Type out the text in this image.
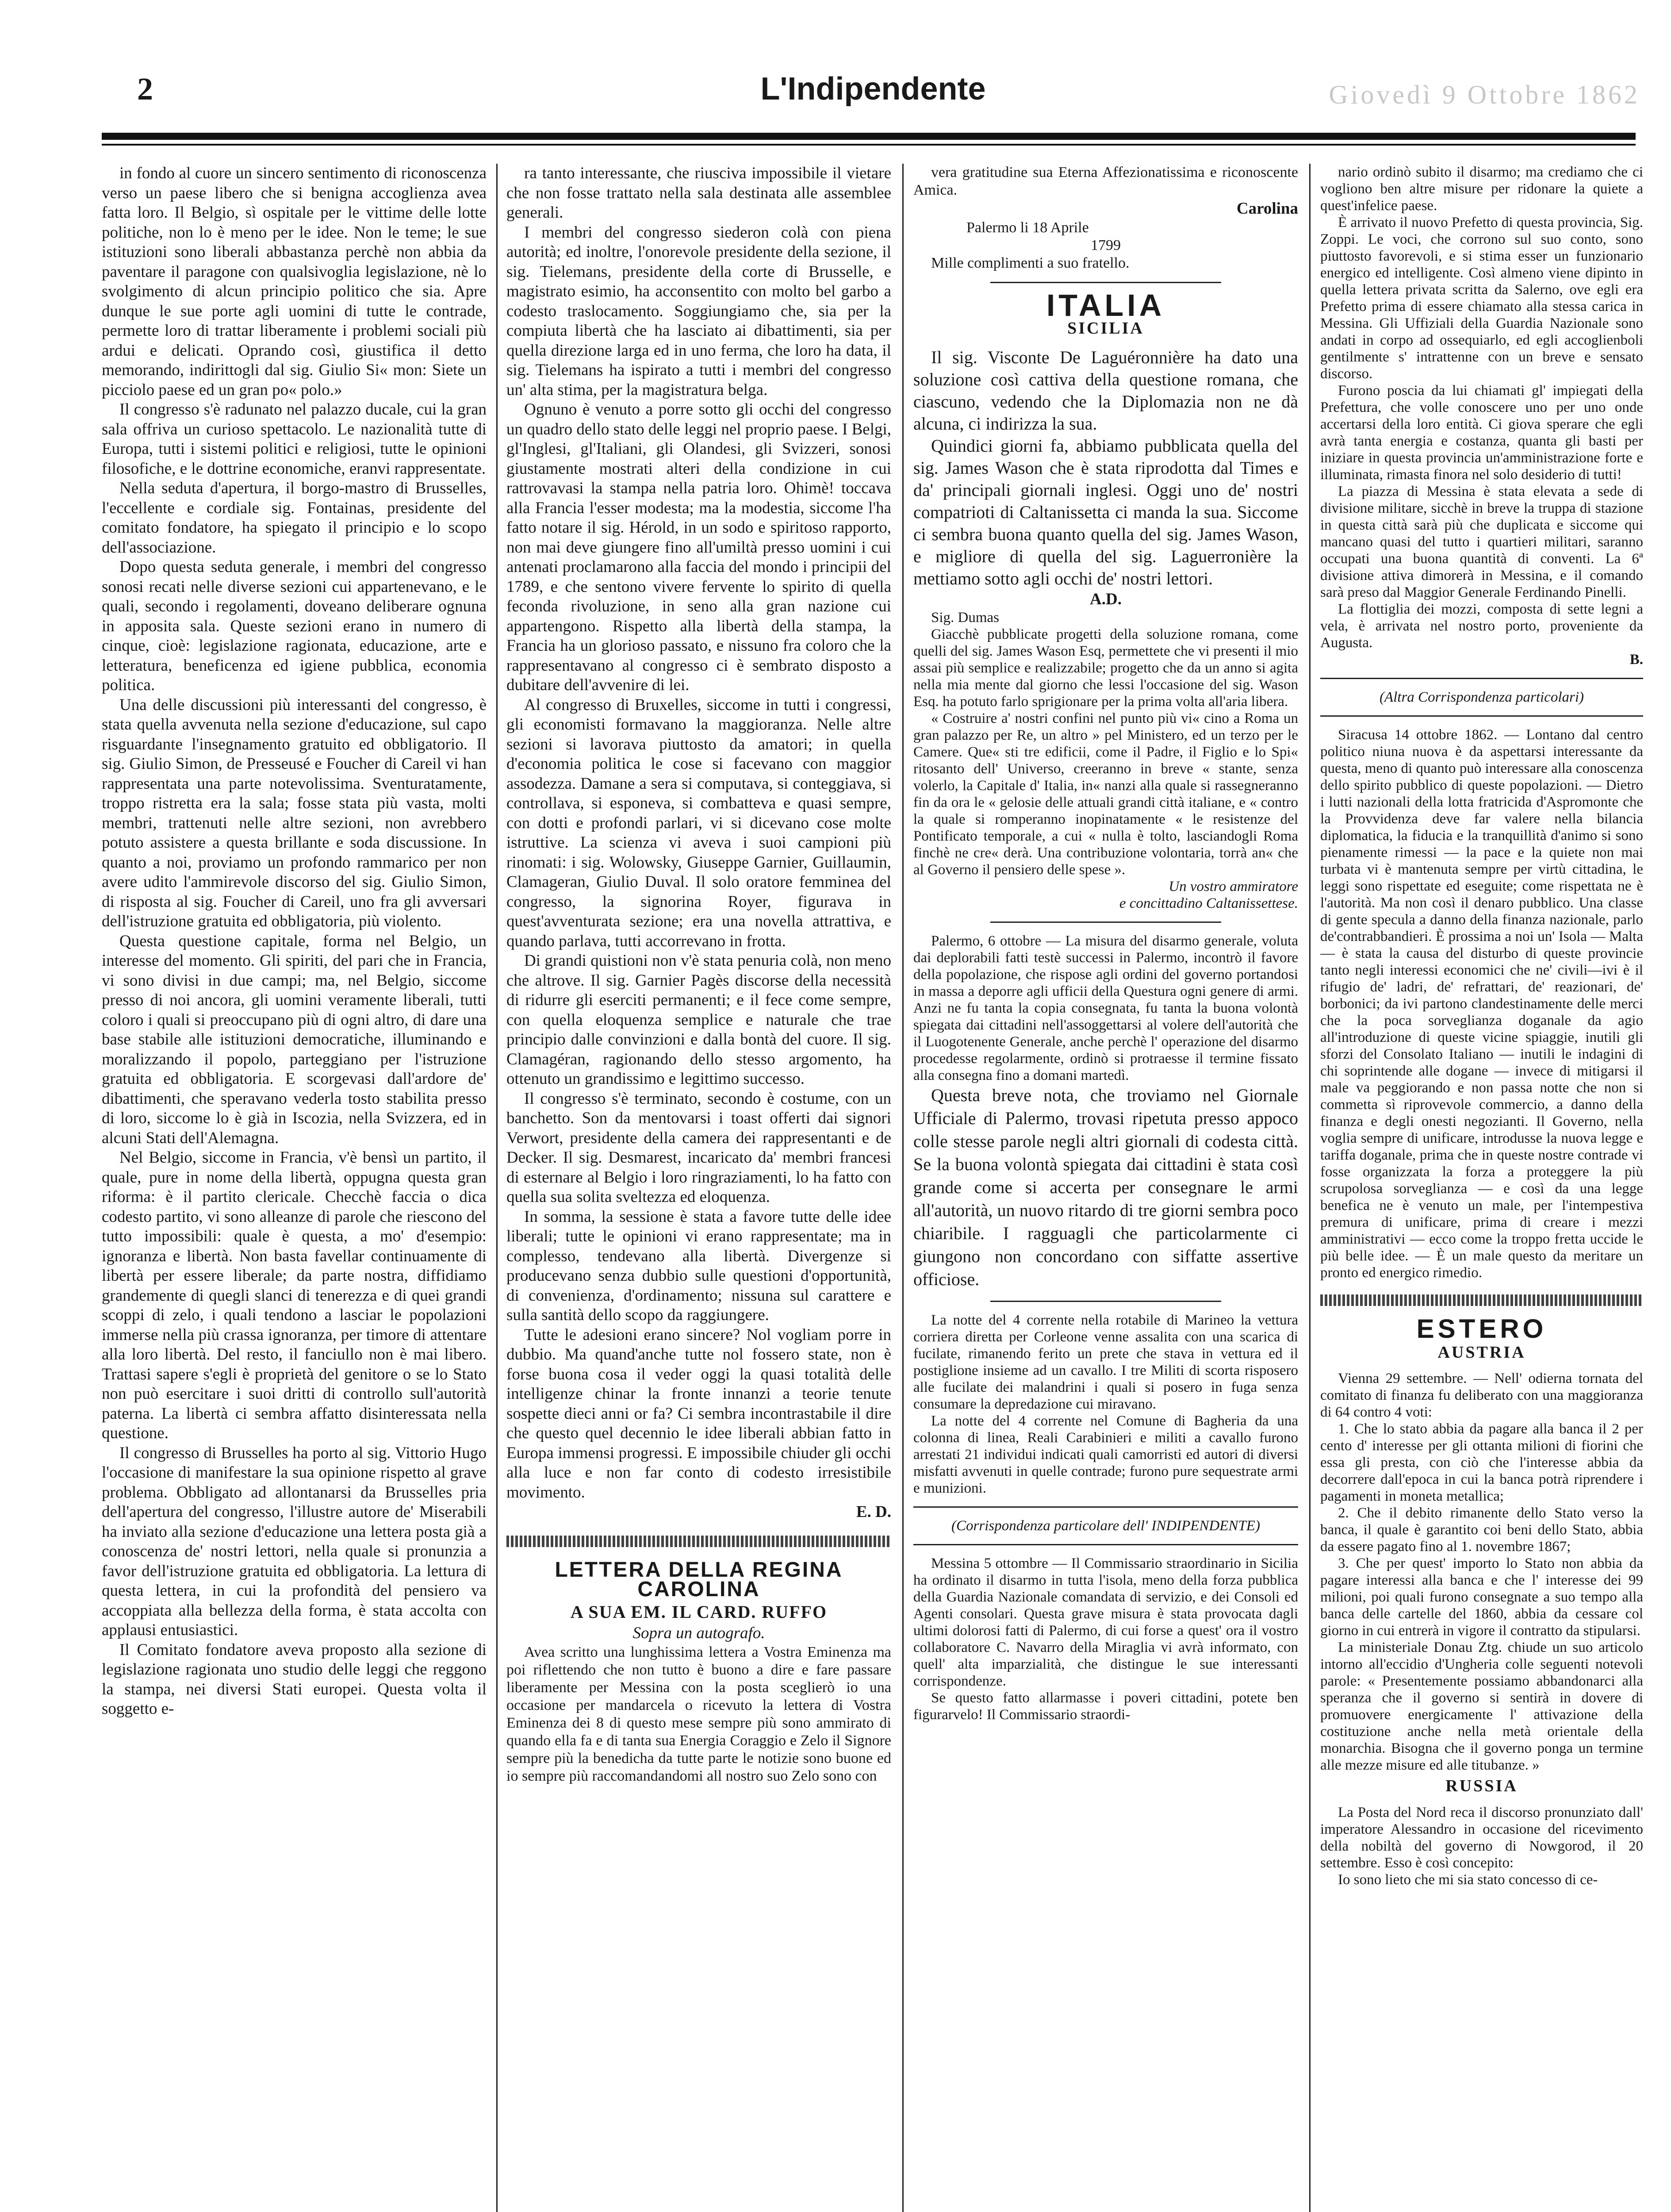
2	L'Indipendente	Giovedì 9 Ottobre 1862

in fondo al cuore un sincero sentimento di riconoscenza verso un paese libero che si benigna accoglienza avea fatta loro. Il Belgio, sì ospitale per le vittime delle lotte politiche, non lo è meno per le idee. Non le teme; le sue istituzioni sono liberali abbastanza perchè non abbia da paventare il paragone con qualsivoglia legislazione, nè lo svolgimento di alcun principio politico che sia. Apre dunque le sue porte agli uomini di tutte le contrade, permette loro di trattar liberamente i problemi sociali più ardui e delicati. Oprando così, giustifica il detto memorando, indirittogli dal sig. Giulio Si« mon: Siete un picciolo paese ed un gran po« polo.»

Il congresso s'è radunato nel palazzo ducale, cui la gran sala offriva un curioso spettacolo. Le nazionalità tutte di Europa, tutti i sistemi politici e religiosi, tutte le opinioni filosofiche, e le dottrine economiche, eranvi rappresentate.

Nella seduta d'apertura, il borgo-mastro di Brusselles, l'eccellente e cordiale sig. Fontainas, presidente del comitato fondatore, ha spiegato il principio e lo scopo dell'associazione.

Dopo questa seduta generale, i membri del congresso sonosi recati nelle diverse sezioni cui appartenevano, e le quali, secondo i regolamenti, doveano deliberare ognuna in apposita sala. Queste sezioni erano in numero di cinque, cioè: legislazione ragionata, educazione, arte e letteratura, beneficenza ed igiene pubblica, economia politica.

Una delle discussioni più interessanti del congresso, è stata quella avvenuta nella sezione d'educazione, sul capo risguardante l'insegnamento gratuito ed obbligatorio. Il sig. Giulio Simon, de Presseusé e Foucher di Careil vi han rappresentata una parte notevolissima. Sventuratamente, troppo ristretta era la sala; fosse stata più vasta, molti membri, trattenuti nelle altre sezioni, non avrebbero potuto assistere a questa brillante e soda discussione. In quanto a noi, proviamo un profondo rammarico per non avere udito l'ammirevole discorso del sig. Giulio Simon, di risposta al sig. Foucher di Careil, uno fra gli avversari dell'istruzione gratuita ed obbligatoria, più violento.

Questa questione capitale, forma nel Belgio, un interesse del momento. Gli spiriti, del pari che in Francia, vi sono divisi in due campi; ma, nel Belgio, siccome presso di noi ancora, gli uomini veramente liberali, tutti coloro i quali si preoccupano più di ogni altro, di dare una base stabile alle istituzioni democratiche, illuminando e moralizzando il popolo, parteggiano per l'istruzione gratuita ed obbligatoria. E scorgevasi dall'ardore de' dibattimenti, che speravano vederla tosto stabilita presso di loro, siccome lo è già in Iscozia, nella Svizzera, ed in alcuni Stati dell'Alemagna.

Nel Belgio, siccome in Francia, v'è bensì un partito, il quale, pure in nome della libertà, oppugna questa gran riforma: è il partito clericale. Checchè faccia o dica codesto partito, vi sono alleanze di parole che riescono del tutto impossibili: quale è questa, a mo' d'esempio: ignoranza e libertà. Non basta favellar continuamente di libertà per essere liberale; da parte nostra, diffidiamo grandemente di quegli slanci di tenerezza e di quei grandi scoppi di zelo, i quali tendono a lasciar le popolazioni immerse nella più crassa ignoranza, per timore di attentare alla loro libertà. Del resto, il fanciullo non è mai libero. Trattasi sapere s'egli è proprietà del genitore o se lo Stato non può esercitare i suoi dritti di controllo sull'autorità paterna. La libertà ci sembra affatto disinteressata nella questione.

Il congresso di Brusselles ha porto al sig. Vittorio Hugo l'occasione di manifestare la sua opinione rispetto al grave problema. Obbligato ad allontanarsi da Brusselles pria dell'apertura del congresso, l'illustre autore de' Miserabili ha inviato alla sezione d'educazione una lettera posta già a conoscenza de' nostri lettori, nella quale si pronunzia a favor dell'istruzione gratuita ed obbligatoria. La lettura di questa lettera, in cui la profondità del pensiero va accoppiata alla bellezza della forma, è stata accolta con applausi entusiastici.

Il Comitato fondatore aveva proposto alla sezione di legislazione ragionata uno studio delle leggi che reggono la stampa, nei diversi Stati europei. Questa volta il soggetto e-

ra tanto interessante, che riusciva impossibile il vietare che non fosse trattato nella sala destinata alle assemblee generali.

I membri del congresso siederon colà con piena autorità; ed inoltre, l'onorevole presidente della sezione, il sig. Tielemans, presidente della corte di Brusselle, e magistrato esimio, ha acconsentito con molto bel garbo a codesto traslocamento. Soggiungiamo che, sia per la compiuta libertà che ha lasciato ai dibattimenti, sia per quella direzione larga ed in uno ferma, che loro ha data, il sig. Tielemans ha ispirato a tutti i membri del congresso un' alta stima, per la magistratura belga.

Ognuno è venuto a porre sotto gli occhi del congresso un quadro dello stato delle leggi nel proprio paese. I Belgi, gl'Inglesi, gl'Italiani, gli Olandesi, gli Svizzeri, sonosi giustamente mostrati alteri della condizione in cui rattrovavasi la stampa nella patria loro. Ohimè! toccava alla Francia l'esser modesta; ma la modestia, siccome l'ha fatto notare il sig. Hérold, in un sodo e spiritoso rapporto, non mai deve giungere fino all'umiltà presso uomini i cui antenati proclamarono alla faccia del mondo i principii del 1789, e che sentono vivere fervente lo spirito di quella feconda rivoluzione, in seno alla gran nazione cui appartengono. Rispetto alla libertà della stampa, la Francia ha un glorioso passato, e nissuno fra coloro che la rappresentavano al congresso ci è sembrato disposto a dubitare dell'avvenire di lei.

Al congresso di Bruxelles, siccome in tutti i congressi, gli economisti formavano la maggioranza. Nelle altre sezioni si lavorava piuttosto da amatori; in quella d'economia politica le cose si facevano con maggior assodezza. Damane a sera si computava, si conteggiava, si controllava, si esponeva, si combatteva e quasi sempre, con dotti e profondi parlari, vi si dicevano cose molte istruttive. La scienza vi aveva i suoi campioni più rinomati: i sig. Wolowsky, Giuseppe Garnier, Guillaumin, Clamageran, Giulio Duval. Il solo oratore femminea del congresso, la signorina Royer, figurava in quest'avventurata sezione; era una novella attrattiva, e quando parlava, tutti accorrevano in frotta.

Di grandi quistioni non v'è stata penuria colà, non meno che altrove. Il sig. Garnier Pagès discorse della necessità di ridurre gli eserciti permanenti; e il fece come sempre, con quella eloquenza semplice e naturale che trae principio dalle convinzioni e dalla bontà del cuore. Il sig. Clamagéran, ragionando dello stesso argomento, ha ottenuto un grandissimo e legittimo successo.

Il congresso s'è terminato, secondo è costume, con un banchetto. Son da mentovarsi i toast offerti dai signori Verwort, presidente della camera dei rappresentanti e de Decker. Il sig. Desmarest, incaricato da' membri francesi di esternare al Belgio i loro ringraziamenti, lo ha fatto con quella sua solita sveltezza ed eloquenza.

In somma, la sessione è stata a favore tutte delle idee liberali; tutte le opinioni vi erano rappresentate; ma in complesso, tendevano alla libertà. Divergenze si producevano senza dubbio sulle questioni d'opportunità, di convenienza, d'ordinamento; nissuna sul carattere e sulla santità dello scopo da raggiungere.

Tutte le adesioni erano sincere? Nol vogliam porre in dubbio. Ma quand'anche tutte nol fossero state, non è forse buona cosa il veder oggi la quasi totalità delle intelligenze chinar la fronte innanzi a teorie tenute sospette dieci anni or fa? Ci sembra incontrastabile il dire che questo quel decennio le idee liberali abbian fatto in Europa immensi progressi. E impossibile chiuder gli occhi alla luce e non far conto di codesto irresistibile movimento.

E. D.

LETTERA DELLA REGINA CAROLINA
A SUA EM. IL CARD. RUFFO

Sopra un autografo.

Avea scritto una lunghissima lettera a Vostra Eminenza ma poi riflettendo che non tutto è buono a dire e fare passare liberamente per Messina con la posta sceglierò io una occasione per mandarcela o ricevuto la lettera di Vostra Eminenza dei 8 di questo mese sempre più sono ammirato di quando ella fa e di tanta sua Energia Coraggio e Zelo il Signore sempre più la benedicha da tutte parte le notizie sono buone ed io sempre più raccomandandomi all nostro suo Zelo sono con

vera gratitudine sua Eterna Affezionatissima e riconoscente Amica.

Carolina

Palermo li 18 Aprile

1799

Mille complimenti a suo fratello.

ITALIA
SICILIA

Il sig. Visconte De Laguéronnière ha dato una soluzione così cattiva della questione romana, che ciascuno, vedendo che la Diplomazia non ne dà alcuna, ci indirizza la sua.

Quindici giorni fa, abbiamo pubblicata quella del sig. James Wason che è stata riprodotta dal Times e da' principali giornali inglesi. Oggi uno de' nostri compatrioti di Caltanissetta ci manda la sua. Siccome ci sembra buona quanto quella del sig. James Wason, e migliore di quella del sig. Laguerronière la mettiamo sotto agli occhi de' nostri lettori.

A.D.

Sig. Dumas

Giacchè pubblicate progetti della soluzione romana, come quelli del sig. James Wason Esq, permettete che vi presenti il mio assai più semplice e realizzabile; progetto che da un anno si agita nella mia mente dal giorno che lessi l'occasione del sig. Wason Esq. ha potuto farlo sprigionare per la prima volta all'aria libera.

« Costruire a' nostri confini nel punto più vi« cino a Roma un gran palazzo per Re, un altro » pel Ministero, ed un terzo per le Camere. Que« sti tre edificii, come il Padre, il Figlio e lo Spi« ritosanto dell' Universo, creeranno in breve « stante, senza volerlo, la Capitale d' Italia, in« nanzi alla quale si rassegneranno fin da ora le « gelosie delle attuali grandi città italiane, e « contro la quale si romperanno inopinatamente « le resistenze del Pontificato temporale, a cui « nulla è tolto, lasciandogli Roma finchè ne cre« derà. Una contribuzione volontaria, torrà an« che al Governo il pensiero delle spese ».

Un vostro ammiratore

e concittadino Caltanissettese.

Palermo, 6 ottobre — La misura del disarmo generale, voluta dai deplorabili fatti testè successi in Palermo, incontrò il favore della popolazione, che rispose agli ordini del governo portandosi in massa a deporre agli ufficii della Questura ogni genere di armi. Anzi ne fu tanta la copia consegnata, fu tanta la buona volontà spiegata dai cittadini nell'assoggettarsi al volere dell'autorità che il Luogotenente Generale, anche perchè l' operazione del disarmo procedesse regolarmente, ordinò si protraesse il termine fissato alla consegna fino a domani martedì.

Questa breve nota, che troviamo nel Giornale Ufficiale di Palermo, trovasi ripetuta presso appoco colle stesse parole negli altri giornali di codesta città. Se la buona volontà spiegata dai cittadini è stata così grande come si accerta per consegnare le armi all'autorità, un nuovo ritardo di tre giorni sembra poco chiaribile. I ragguagli che particolarmente ci giungono non concordano con siffatte assertive officiose.

La notte del 4 corrente nella rotabile di Marineo la vettura corriera diretta per Corleone venne assalita con una scarica di fucilate, rimanendo ferito un prete che stava in vettura ed il postiglione insieme ad un cavallo. I tre Militi di scorta risposero alle fucilate dei malandrini i quali si posero in fuga senza consumare la depredazione cui miravano.

La notte del 4 corrente nel Comune di Bagheria da una colonna di linea, Reali Carabinieri e militi a cavallo furono arrestati 21 individui indicati quali camorristi ed autori di diversi misfatti avvenuti in quelle contrade; furono pure sequestrate armi e munizioni.

(Corrispondenza particolare dell' INDIPENDENTE)

Messina 5 ottombre — Il Commissario straordinario in Sicilia ha ordinato il disarmo in tutta l'isola, meno della forza pubblica della Guardia Nazionale comandata di servizio, e dei Consoli ed Agenti consolari. Questa grave misura è stata provocata dagli ultimi dolorosi fatti di Palermo, di cui forse a quest' ora il vostro collaboratore C. Navarro della Miraglia vi avrà informato, con quell' alta imparzialità, che distingue le sue interessanti corrispondenze.

Se questo fatto allarmasse i poveri cittadini, potete ben figurarvelo! Il Commissario straordi-

nario ordinò subito il disarmo; ma crediamo che ci vogliono ben altre misure per ridonare la quiete a quest'infelice paese.

È arrivato il nuovo Prefetto di questa provincia, Sig. Zoppi. Le voci, che corrono sul suo conto, sono piuttosto favorevoli, e si stima esser un funzionario energico ed intelligente. Così almeno viene dipinto in quella lettera privata scritta da Salerno, ove egli era Prefetto prima di essere chiamato alla stessa carica in Messina. Gli Uffiziali della Guardia Nazionale sono andati in corpo ad ossequiarlo, ed egli accoglienboli gentilmente s' intrattenne con un breve e sensato discorso.

Furono poscia da lui chiamati gl' impiegati della Prefettura, che volle conoscere uno per uno onde accertarsi della loro entità. Ci giova sperare che egli avrà tanta energia e costanza, quanta gli basti per iniziare in questa provincia un'amministrazione forte e illuminata, rimasta finora nel solo desiderio di tutti!

La piazza di Messina è stata elevata a sede di divisione militare, sicchè in breve la truppa di stazione in questa città sarà più che duplicata e siccome qui mancano quasi del tutto i quartieri militari, saranno occupati una buona quantità di conventi. La 6ª divisione attiva dimorerà in Messina, e il comando sarà preso dal Maggior Generale Ferdinando Pinelli.

La flottiglia dei mozzi, composta di sette legni a vela, è arrivata nel nostro porto, proveniente da Augusta.

B.

(Altra Corrispondenza particolari)

Siracusa 14 ottobre 1862. — Lontano dal centro politico niuna nuova è da aspettarsi interessante da questa, meno di quanto può interessare alla conoscenza dello spirito pubblico di queste popolazioni. — Dietro i lutti nazionali della lotta fratricida d'Aspromonte che la Provvidenza deve far valere nella bilancia diplomatica, la fiducia e la tranquillità d'animo si sono pienamente rimessi — la pace e la quiete non mai turbata vi è mantenuta sempre per virtù cittadina, le leggi sono rispettate ed eseguite; come rispettata ne è l'autorità. Ma non così il denaro pubblico. Una classe di gente specula a danno della finanza nazionale, parlo de'contrabbandieri. È prossima a noi un' Isola — Malta — è stata la causa del disturbo di queste provincie tanto negli interessi economici che ne' civili—ivi è il rifugio de' ladri, de' refrattari, de' reazionari, de' borbonici; da ivi partono clandestinamente delle merci che la poca sorveglianza doganale da agio all'introduzione di queste vicine spiaggie, inutili gli sforzi del Consolato Italiano — inutili le indagini di chi soprintende alle dogane — invece di mitigarsi il male va peggiorando e non passa notte che non si commetta sì riprovevole commercio, a danno della finanza e degli onesti negozianti. Il Governo, nella voglia sempre di unificare, introdusse la nuova legge e tariffa doganale, prima che in queste nostre contrade vi fosse organizzata la forza a proteggere la più scrupolosa sorveglianza — e così da una legge benefica ne è venuto un male, per l'intempestiva premura di unificare, prima di creare i mezzi amministrativi — ecco come la troppo fretta uccide le più belle idee. — È un male questo da meritare un pronto ed energico rimedio.

ESTERO
AUSTRIA

Vienna 29 settembre. — Nell' odierna tornata del comitato di finanza fu deliberato con una maggioranza di 64 contro 4 voti:

1. Che lo stato abbia da pagare alla banca il 2 per cento d' interesse per gli ottanta milioni di fiorini che essa gli presta, con ciò che l'interesse abbia da decorrere dall'epoca in cui la banca potrà riprendere i pagamenti in moneta metallica;

2. Che il debito rimanente dello Stato verso la banca, il quale è garantito coi beni dello Stato, abbia da essere pagato fino al 1. novembre 1867;

3. Che per quest' importo lo Stato non abbia da pagare interessi alla banca e che l' interesse dei 99 milioni, poi quali furono consegnate a suo tempo alla banca delle cartelle del 1860, abbia da cessare col giorno in cui entrerà in vigore il contratto da stipularsi.

La ministeriale Donau Ztg. chiude un suo articolo intorno all'eccidio d'Ungheria colle seguenti notevoli parole: « Presentemente possiamo abbandonarci alla speranza che il governo si sentirà in dovere di promuovere energicamente l' attivazione della costituzione anche nella metà orientale della monarchia. Bisogna che il governo ponga un termine alle mezze misure ed alle titubanze. »

RUSSIA

La Posta del Nord reca il discorso pronunziato dall' imperatore Alessandro in occasione del ricevimento della nobiltà del governo di Nowgorod, il 20 settembre. Esso è così concepito:

Io sono lieto che mi sia stato concesso di ce-
